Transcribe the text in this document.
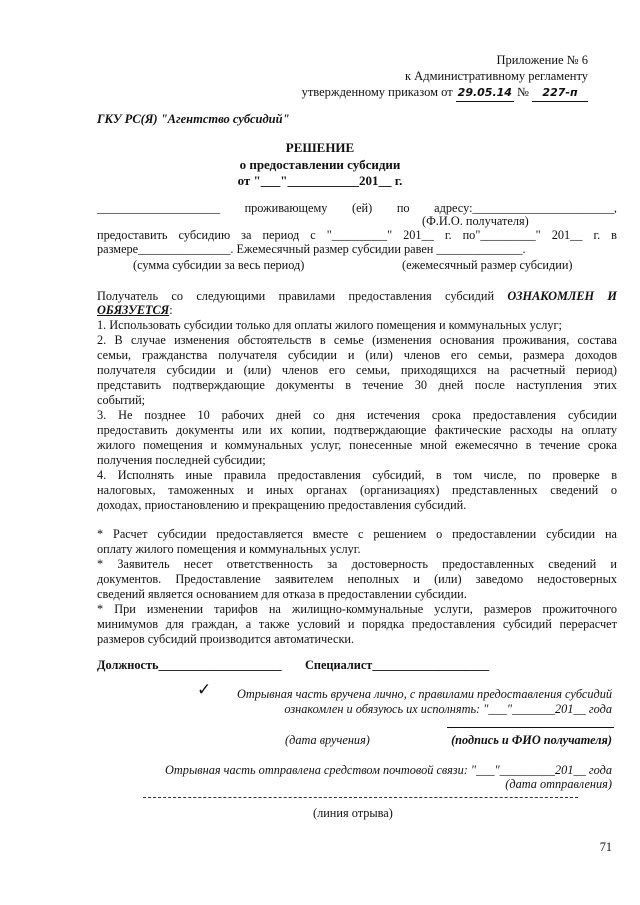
Приложение № 6
к Административному регламенту
утвержденному приказом от 29.05.14 № 227-п
ГКУ РС(Я) "Агентство субсидий"
РЕШЕНИЕ
о предоставлении субсидии
от "___"___________201__ г.
____________________ проживающему (ей) по адресу:_______________________,
(Ф.И.О. получателя)
предоставить субсидию за период с "_________" 201__ г. по"_________" 201__ г. в
размере_______________. Ежемесячный размер субсидии равен ______________.
(сумма субсидии за весь период)	(ежемесячный размер субсидии)
Получатель со следующими правилами предоставления субсидий ОЗНАКОМЛЕН И
ОБЯЗУЕТСЯ:
1. Использовать субсидии только для оплаты жилого помещения и коммунальных услуг;
2. В случае изменения обстоятельств в семье (изменения основания проживания, состава
семьи, гражданства получателя субсидии и (или) членов его семьи, размера доходов
получателя субсидии и (или) членов его семьи, приходящихся на расчетный период)
представить подтверждающие документы в течение 30 дней после наступления этих
событий;
3. Не позднее 10 рабочих дней со дня истечения срока предоставления субсидии
предоставить документы или их копии, подтверждающие фактические расходы на оплату
жилого помещения и коммунальных услуг, понесенные мной ежемесячно в течение срока
получения последней субсидии;
4. Исполнять иные правила предоставления субсидий, в том числе, по проверке в
налоговых, таможенных и иных органах (организациях) представленных сведений о
доходах, приостановлению и прекращению предоставления субсидий.
* Расчет субсидии предоставляется вместе с решением о предоставлении субсидии на
оплату жилого помещения и коммунальных услуг.
* Заявитель несет ответственность за достоверность предоставленных сведений и
документов. Предоставление заявителем неполных и (или) заведомо недостоверных
сведений является основанием для отказа в предоставлении субсидии.
* При изменении тарифов на жилищно-коммунальные услуги, размеров прожиточного
минимумов для граждан, а также условий и порядка предоставления субсидий перерасчет
размеров субсидий производится автоматически.
Должность____________________ Специалист___________________
✓ Отрывная часть вручена лично, с правилами предоставления субсидий
ознакомлен и обязуюсь их исполнять: "___"_______201__ года
(дата вручения)	(подпись и ФИО получателя)
Отрывная часть отправлена средством почтовой связи: "___"_________201__ года
(дата отправления)
(линия отрыва)
71
